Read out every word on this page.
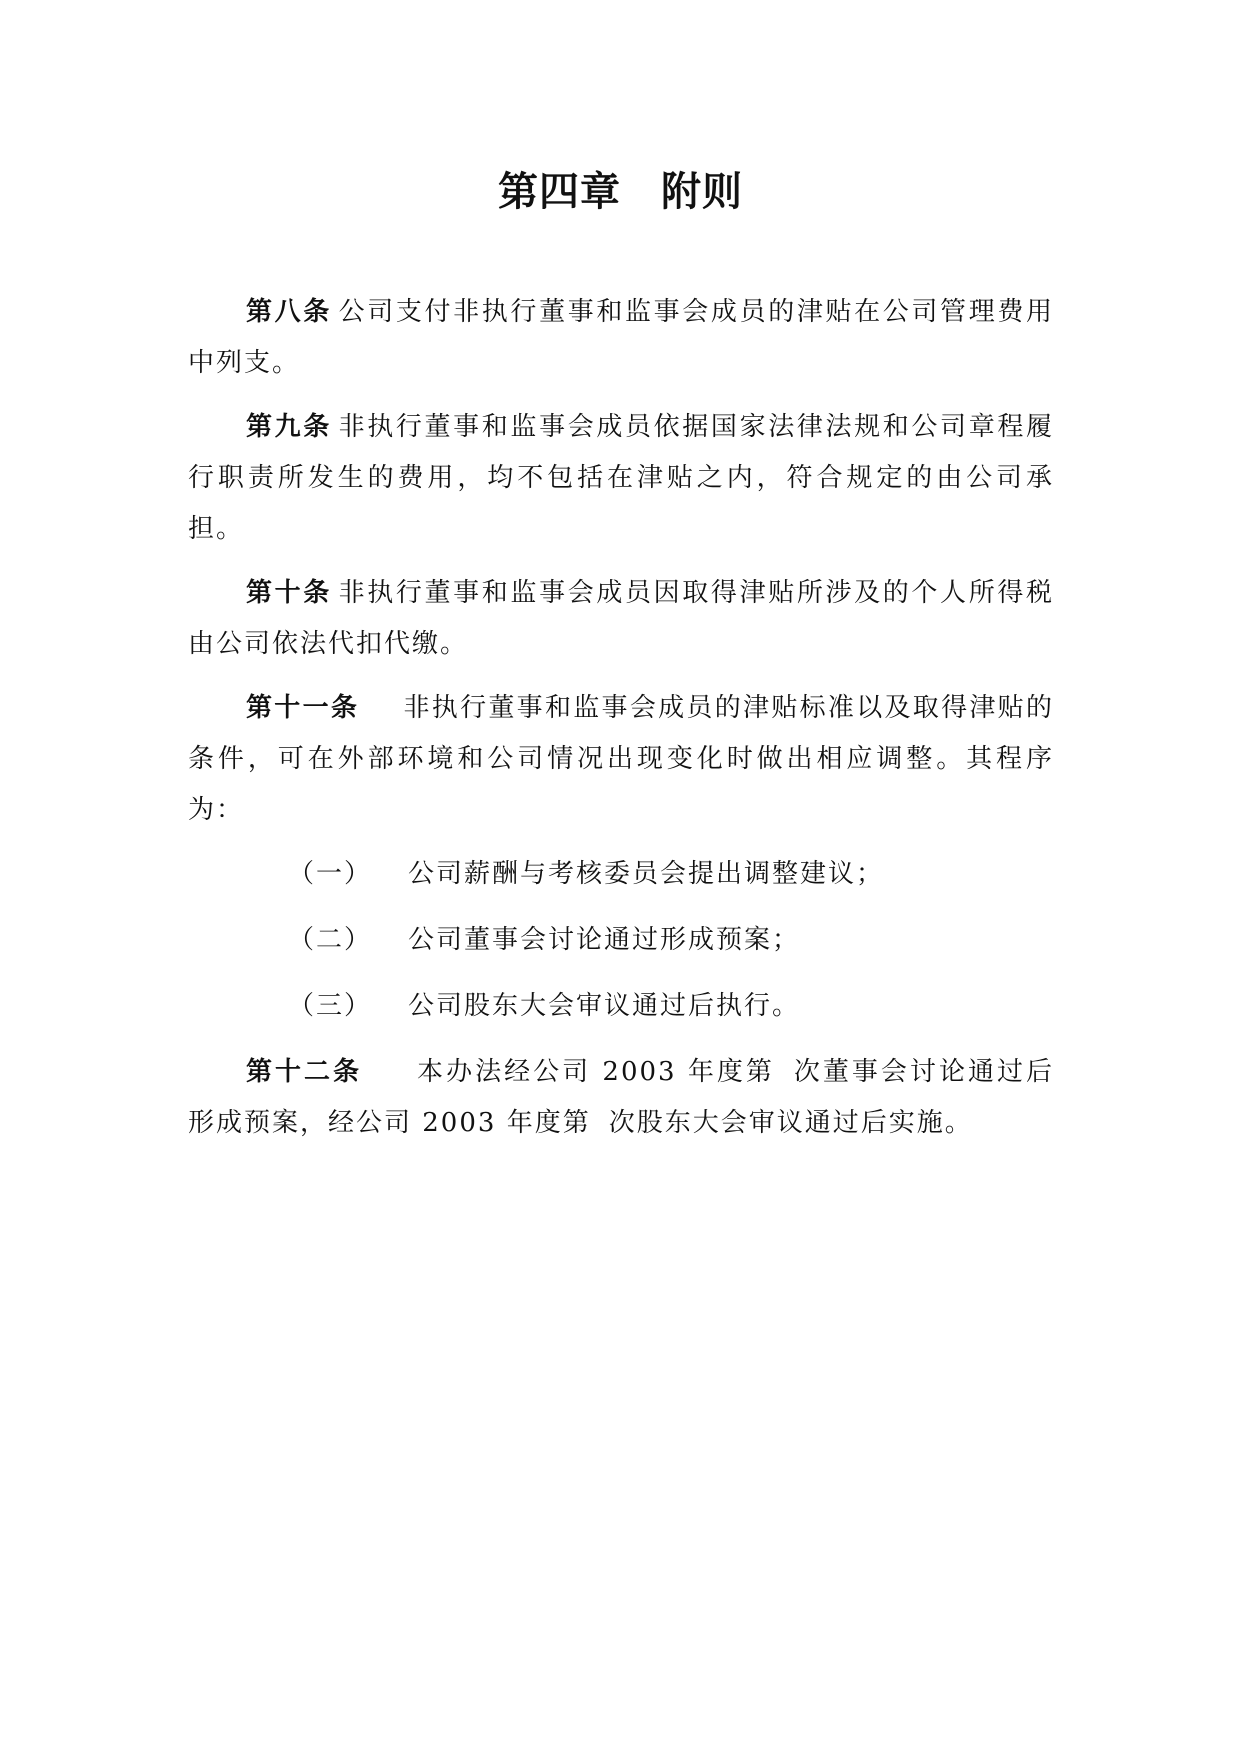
第四章 附则

第八条 公司支付非执行董事和监事会成员的津贴在公司管理费用中列支。

第九条 非执行董事和监事会成员依据国家法律法规和公司章程履行职责所发生的费用，均不包括在津贴之内，符合规定的由公司承担。

第十条 非执行董事和监事会成员因取得津贴所涉及的个人所得税由公司依法代扣代缴。

第十一条 非执行董事和监事会成员的津贴标准以及取得津贴的条件，可在外部环境和公司情况出现变化时做出相应调整。其程序为：

（一）	公司薪酬与考核委员会提出调整建议；
（二）	公司董事会讨论通过形成预案；
（三）	公司股东大会审议通过后执行。

第十二条 本办法经公司 2003 年度第 次董事会讨论通过后形成预案，经公司 2003 年度第 次股东大会审议通过后实施。
